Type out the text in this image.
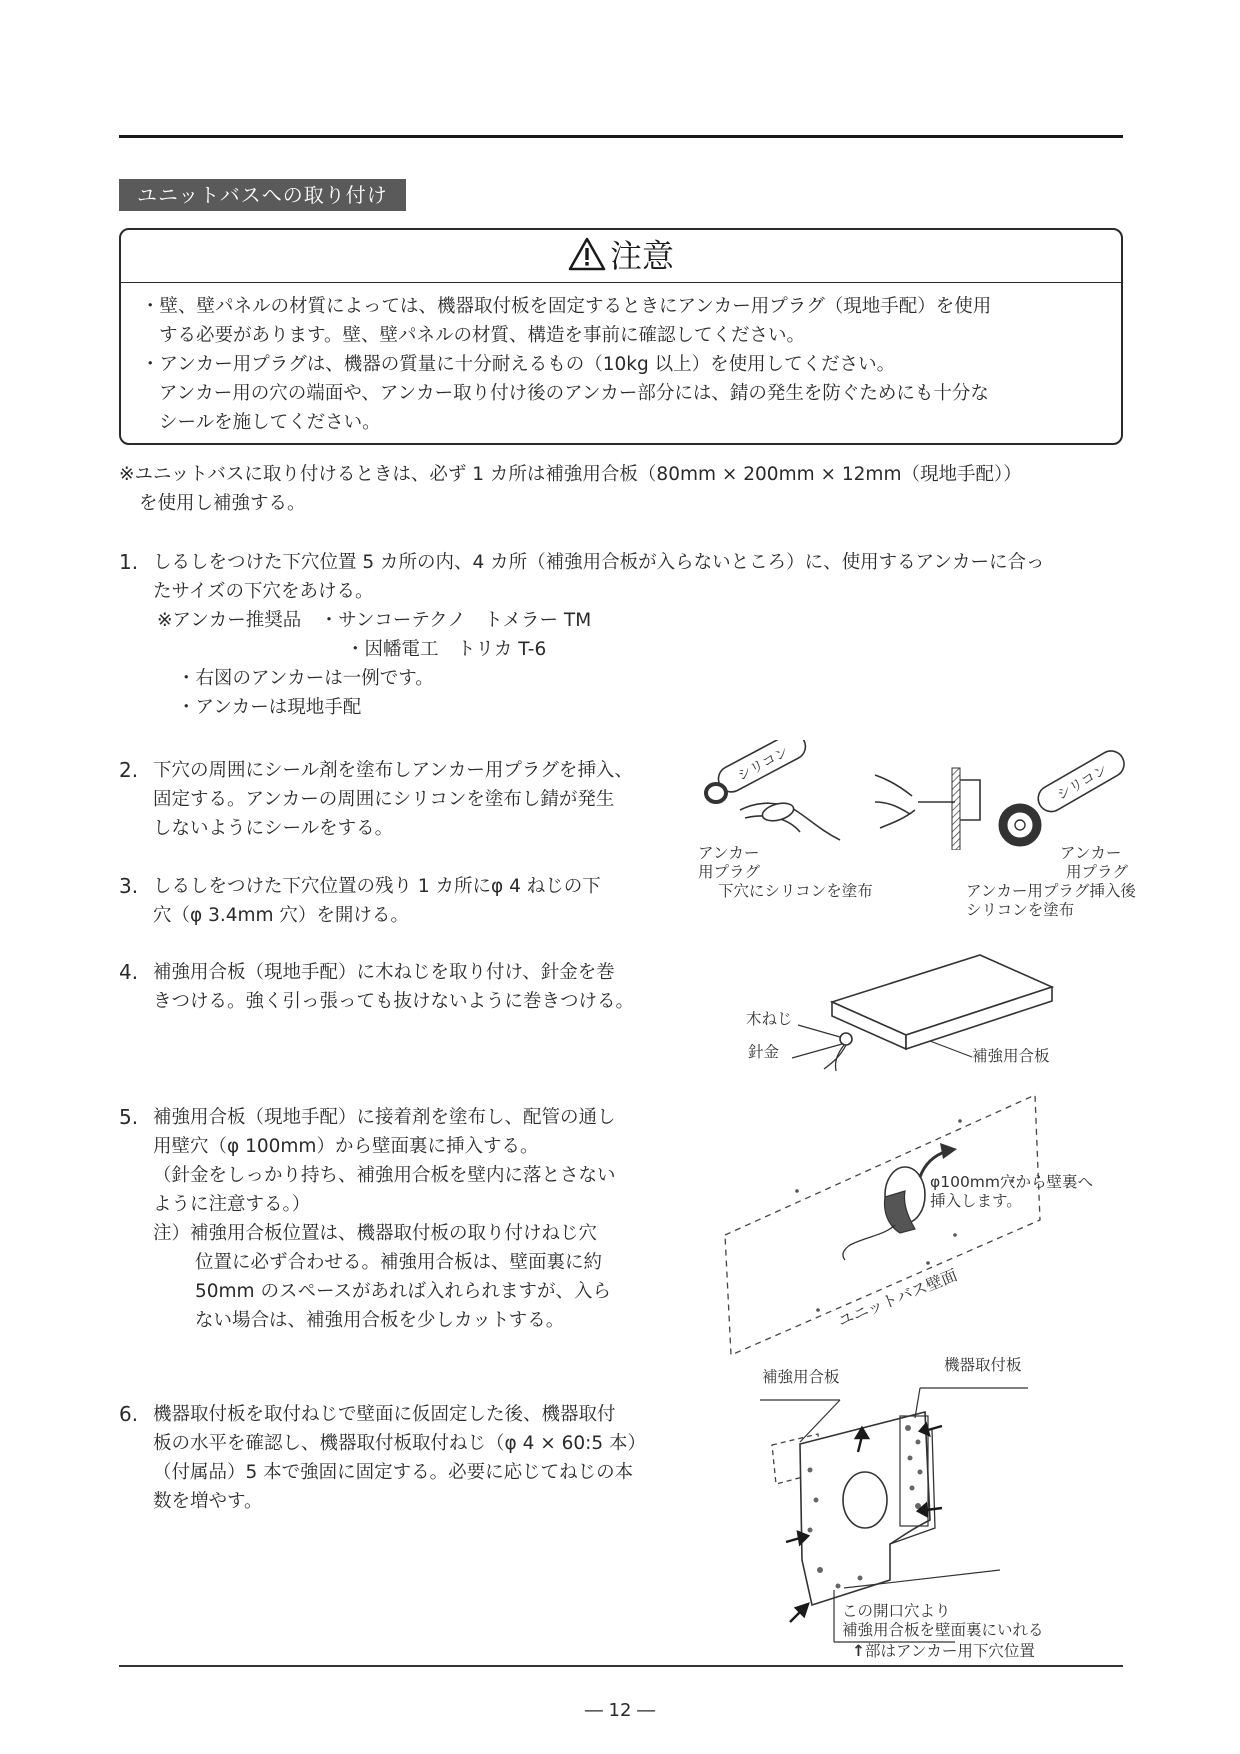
ユニットバスへの取り付け
注意

・壁、壁パネルの材質によっては、機器取付板を固定するときにアンカー用プラグ（現地手配）を使用

する必要があります。壁、壁パネルの材質、構造を事前に確認してください。

・アンカー用プラグは、機器の質量に十分耐えるもの（10kg 以上）を使用してください。

アンカー用の穴の端面や、アンカー取り付け後のアンカー部分には、錆の発生を防ぐためにも十分な

シールを施してください。

※ユニットバスに取り付けるときは、必ず 1 カ所は補強用合板（80mm × 200mm × 12mm（現地手配））

を使用し補強する。

1. しるしをつけた下穴位置 5 カ所の内、4 カ所（補強用合板が入らないところ）に、使用するアンカーに合っ

たサイズの下穴をあける。

※アンカー推奨品　・サンコーテクノ　トメラー TM

・因幡電工　トリカ T-6

・右図のアンカーは一例です。

・アンカーは現地手配

2. 下穴の周囲にシール剤を塗布しアンカー用プラグを挿入、

固定する。アンカーの周囲にシリコンを塗布し錆が発生

しないようにシールをする。

3. しるしをつけた下穴位置の残り 1 カ所にφ 4 ねじの下

穴（φ 3.4mm 穴）を開ける。

4. 補強用合板（現地手配）に木ねじを取り付け、針金を巻

きつける。強く引っ張っても抜けないように巻きつける。

5. 補強用合板（現地手配）に接着剤を塗布し、配管の通し

用壁穴（φ 100mm）から壁面裏に挿入する。

（針金をしっかり持ち、補強用合板を壁内に落とさない

ように注意する。）

注）補強用合板位置は、機器取付板の取り付けねじ穴

位置に必ず合わせる。補強用合板は、壁面裏に約

50mm のスペースがあれば入れられますが、入ら

ない場合は、補強用合板を少しカットする。

6. 機器取付板を取付ねじで壁面に仮固定した後、機器取付

板の水平を確認し、機器取付板取付ねじ（φ 4 × 60:5 本）

（付属品）5 本で強固に固定する。必要に応じてねじの本

数を増やす。

シリコン	シリコン
アンカー
用プラグ
下穴にシリコンを塗布
アンカー
用プラグ
アンカー用プラグ挿入後
シリコンを塗布
木ねじ
針金	補強用合板
φ100mm穴から壁裏へ
挿入します。
ユニットバス壁面
補強用合板
機器取付板
この開口穴より
補強用合板を壁面裏にいれる
↑部はアンカー用下穴位置
― 12 ―
